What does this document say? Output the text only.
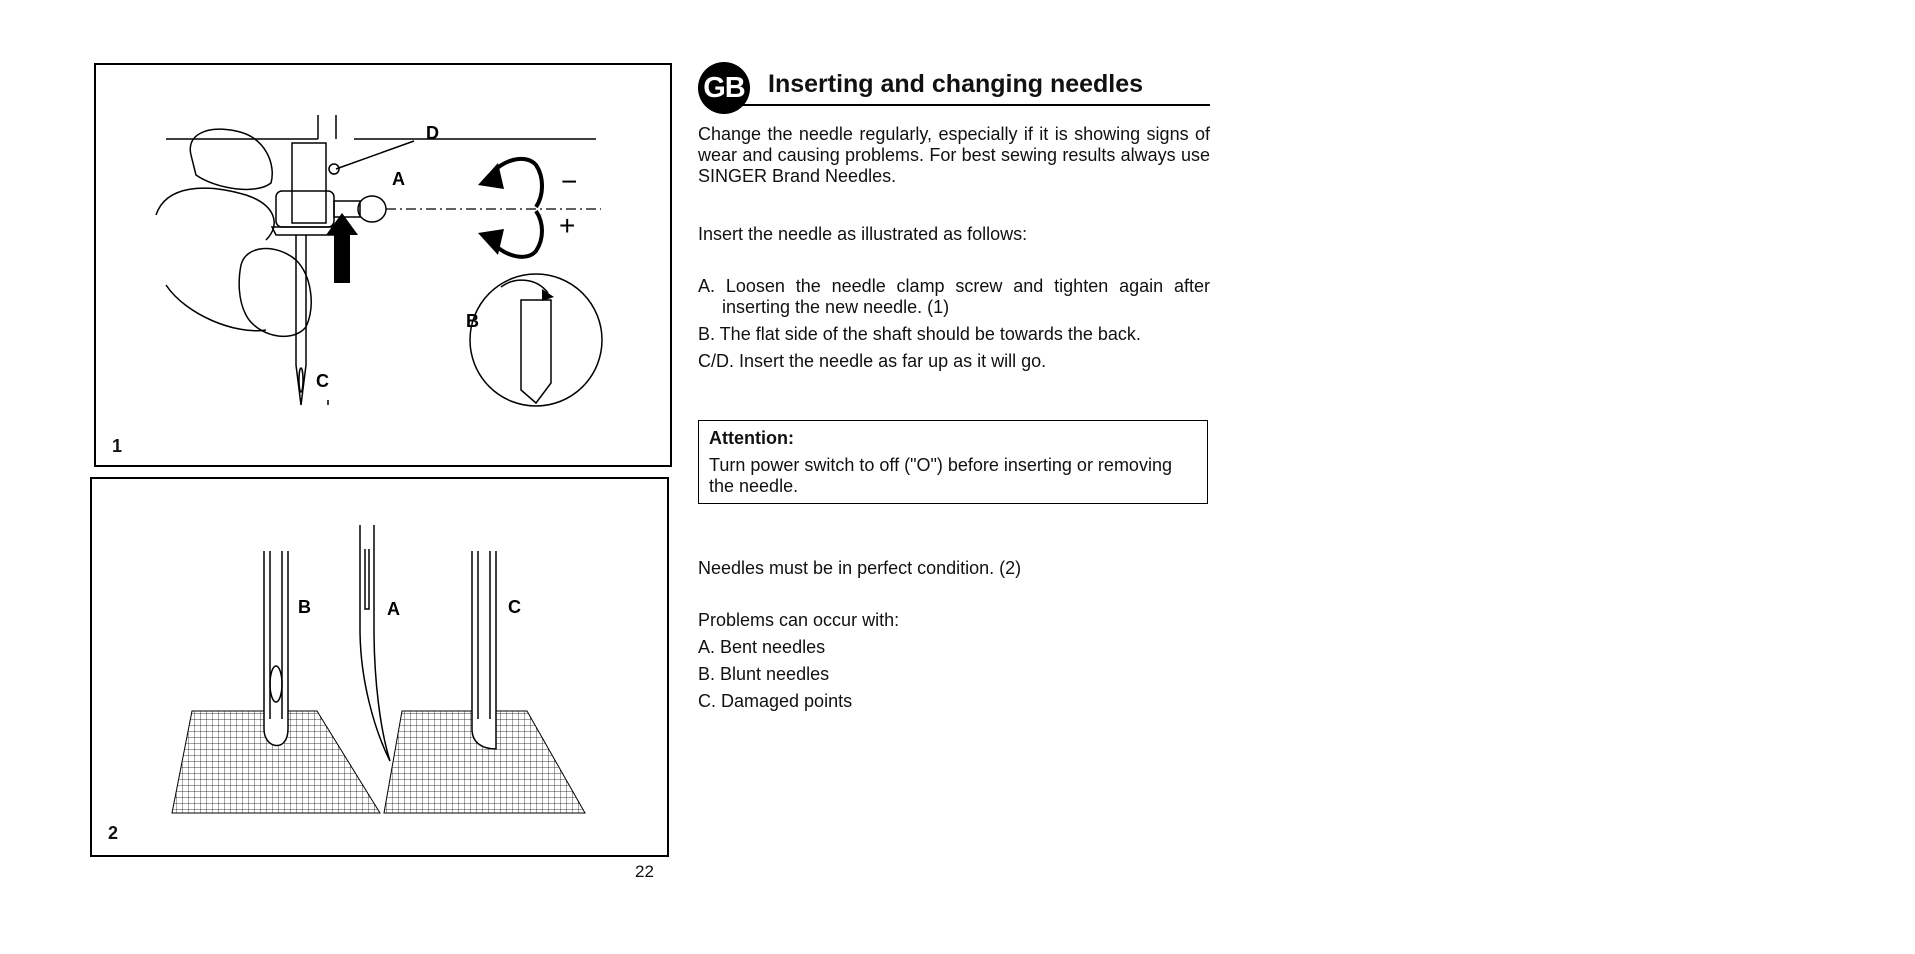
D
A
B
C
−
+
1
B	A	C
2
22
GB Inserting and changing needles
Change the needle regularly, especially if it is showing signs of wear and causing problems. For best sewing results always use SINGER Brand Needles.
Insert the needle as illustrated as follows:
A. Loosen the needle clamp screw and tighten again after inserting the new needle. (1)
B. The flat side of the shaft should be towards the back.
C/D. Insert the needle as far up as it will go.
Attention:
Turn power switch to off ("O") before inserting or removing the needle.
Needles must be in perfect condition. (2)
Problems can occur with:
A. Bent needles
B. Blunt needles
C. Damaged points
